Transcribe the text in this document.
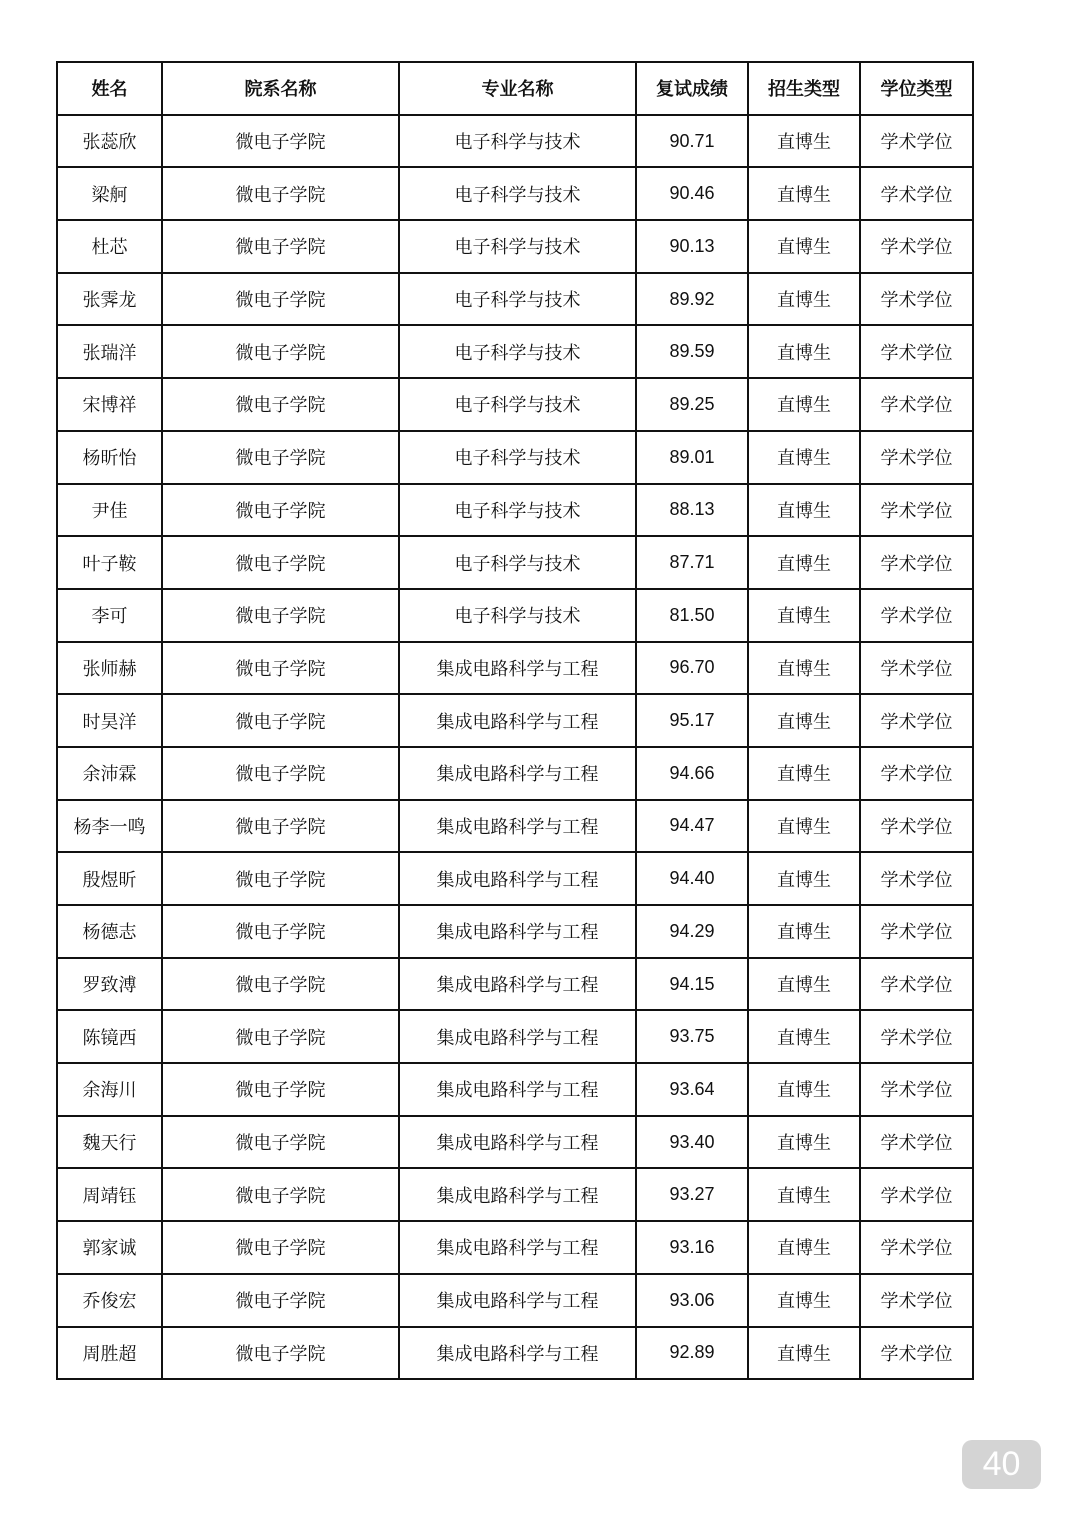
姓名	院系名称	专业名称	复试成绩	招生类型	学位类型
张蕊欣	微电子学院	电子科学与技术	90.71	直博生	学术学位
梁舸	微电子学院	电子科学与技术	90.46	直博生	学术学位
杜芯	微电子学院	电子科学与技术	90.13	直博生	学术学位
张霁龙	微电子学院	电子科学与技术	89.92	直博生	学术学位
张瑞洋	微电子学院	电子科学与技术	89.59	直博生	学术学位
宋博祥	微电子学院	电子科学与技术	89.25	直博生	学术学位
杨昕怡	微电子学院	电子科学与技术	89.01	直博生	学术学位
尹佳	微电子学院	电子科学与技术	88.13	直博生	学术学位
叶子鞍	微电子学院	电子科学与技术	87.71	直博生	学术学位
李可	微电子学院	电子科学与技术	81.50	直博生	学术学位
张师赫	微电子学院	集成电路科学与工程	96.70	直博生	学术学位
时昊洋	微电子学院	集成电路科学与工程	95.17	直博生	学术学位
余沛霖	微电子学院	集成电路科学与工程	94.66	直博生	学术学位
杨李一鸣	微电子学院	集成电路科学与工程	94.47	直博生	学术学位
殷煜昕	微电子学院	集成电路科学与工程	94.40	直博生	学术学位
杨德志	微电子学院	集成电路科学与工程	94.29	直博生	学术学位
罗致溥	微电子学院	集成电路科学与工程	94.15	直博生	学术学位
陈镜西	微电子学院	集成电路科学与工程	93.75	直博生	学术学位
余海川	微电子学院	集成电路科学与工程	93.64	直博生	学术学位
魏天行	微电子学院	集成电路科学与工程	93.40	直博生	学术学位
周靖钰	微电子学院	集成电路科学与工程	93.27	直博生	学术学位
郭家诚	微电子学院	集成电路科学与工程	93.16	直博生	学术学位
乔俊宏	微电子学院	集成电路科学与工程	93.06	直博生	学术学位
周胜超	微电子学院	集成电路科学与工程	92.89	直博生	学术学位
40
